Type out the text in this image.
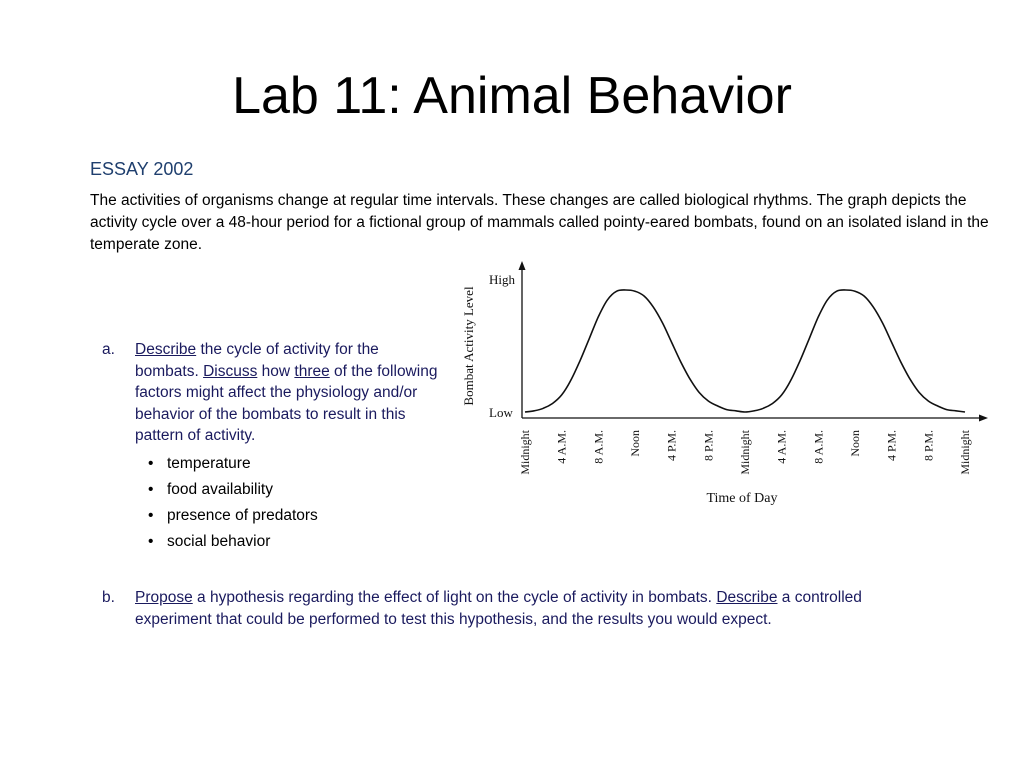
Lab 11: Animal Behavior
ESSAY 2002
The activities of organisms change at regular time intervals. These changes are called biological rhythms. The graph depicts the activity cycle over a 48-hour period for a fictional group of mammals called pointy-eared bombats, found on an isolated island in the temperate zone.
a. Describe the cycle of activity for the bombats. Discuss how three of the following factors might affect the physiology and/or behavior of the bombats to result in this pattern of activity.
• temperature
• food availability
• presence of predators
• social behavior
b. Propose a hypothesis regarding the effect of light on the cycle of activity in bombats. Describe a controlled experiment that could be performed to test this hypothesis, and the results you would expect.
Bombat Activity Level
High
Low
Midnight 4 A.M. 8 A.M. Noon 4 P.M. 8 P.M. Midnight 4 A.M. 8 A.M. Noon 4 P.M. 8 P.M. Midnight
Time of Day
